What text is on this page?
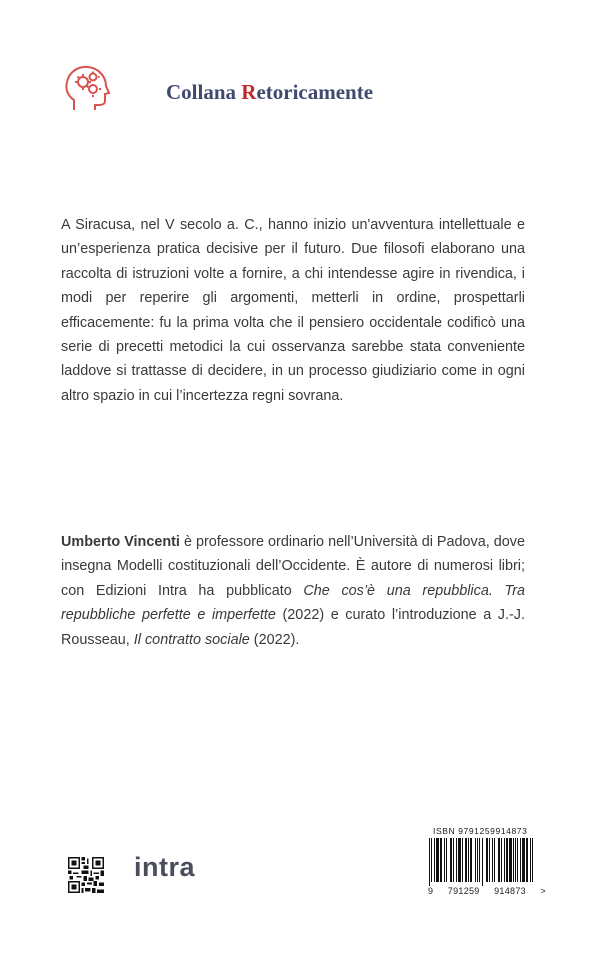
Collana Retoricamente

A Siracusa, nel V secolo a. C., hanno inizio un'avventura intellettuale e un’esperienza pratica decisive per il futuro. Due filosofi elaborano una raccolta di istruzioni volte a fornire, a chi intendesse agire in rivendica, i modi per reperire gli argomenti, metterli in ordine, prospettarli efficacemente: fu la prima volta che il pensiero occidentale codificò una serie di precetti metodici la cui osservanza sarebbe stata conveniente laddove si trattasse di decidere, in un processo giudiziario come in ogni altro spazio in cui l’incertezza regni sovrana.

Umberto Vincenti è professore ordinario nell’Università di Padova, dove insegna Modelli costituzionali dell’Occidente. È autore di numerosi libri; con Edizioni Intra ha pubblicato Che cos’è una repubblica. Tra repubbliche perfette e imperfette (2022) e curato l’introduzione a J.-J. Rousseau, Il contratto sociale (2022).

intra
ISBN 9791259914873
9 791259 914873 >
